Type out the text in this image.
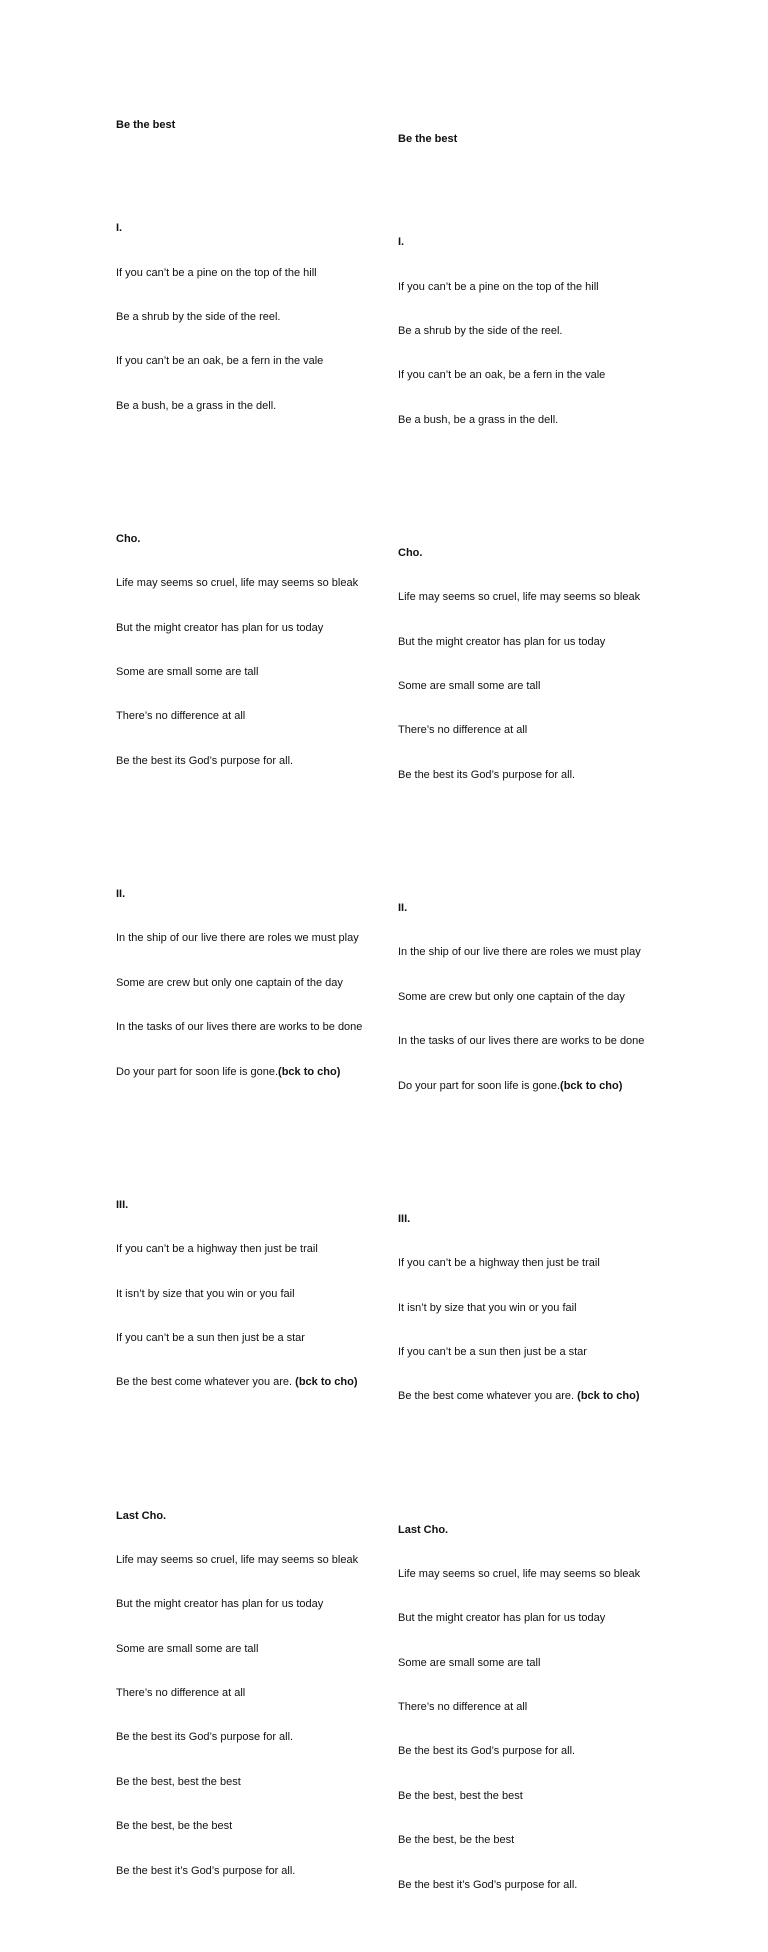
Be the best

I.

If you can’t be a pine on the top of the hill

Be a shrub by the side of the reel.

If you can’t be an oak, be a fern in the vale

Be a bush, be a grass in the dell.

Cho.

Life may seems so cruel, life may seems so bleak

But the might creator has plan for us today

Some are small some are tall

There’s no difference at all

Be the best its God’s purpose for all.

II.

In the ship of our live there are roles we must play

Some are crew but only one captain of the day

In the tasks of our lives there are works to be done

Do your part for soon life is gone.(bck to cho)

III.

If you can’t be a highway then just be trail

It isn’t by size that you win or you fail

If you can’t be a sun then just be a star

Be the best come whatever you are. (bck to cho)

Last Cho.

Life may seems so cruel, life may seems so bleak

But the might creator has plan for us today

Some are small some are tall

There’s no difference at all

Be the best its God’s purpose for all.

Be the best, best the best

Be the best, be the best

Be the best it’s God’s purpose for all.

Be the best

I.

If you can’t be a pine on the top of the hill

Be a shrub by the side of the reel.

If you can’t be an oak, be a fern in the vale

Be a bush, be a grass in the dell.

Cho.

Life may seems so cruel, life may seems so bleak

But the might creator has plan for us today

Some are small some are tall

There’s no difference at all

Be the best its God’s purpose for all.

II.

In the ship of our live there are roles we must play

Some are crew but only one captain of the day

In the tasks of our lives there are works to be done

Do your part for soon life is gone.(bck to cho)

III.

If you can’t be a highway then just be trail

It isn’t by size that you win or you fail

If you can’t be a sun then just be a star

Be the best come whatever you are. (bck to cho)

Last Cho.

Life may seems so cruel, life may seems so bleak

But the might creator has plan for us today

Some are small some are tall

There’s no difference at all

Be the best its God’s purpose for all.

Be the best, best the best

Be the best, be the best

Be the best it’s God’s purpose for all.
